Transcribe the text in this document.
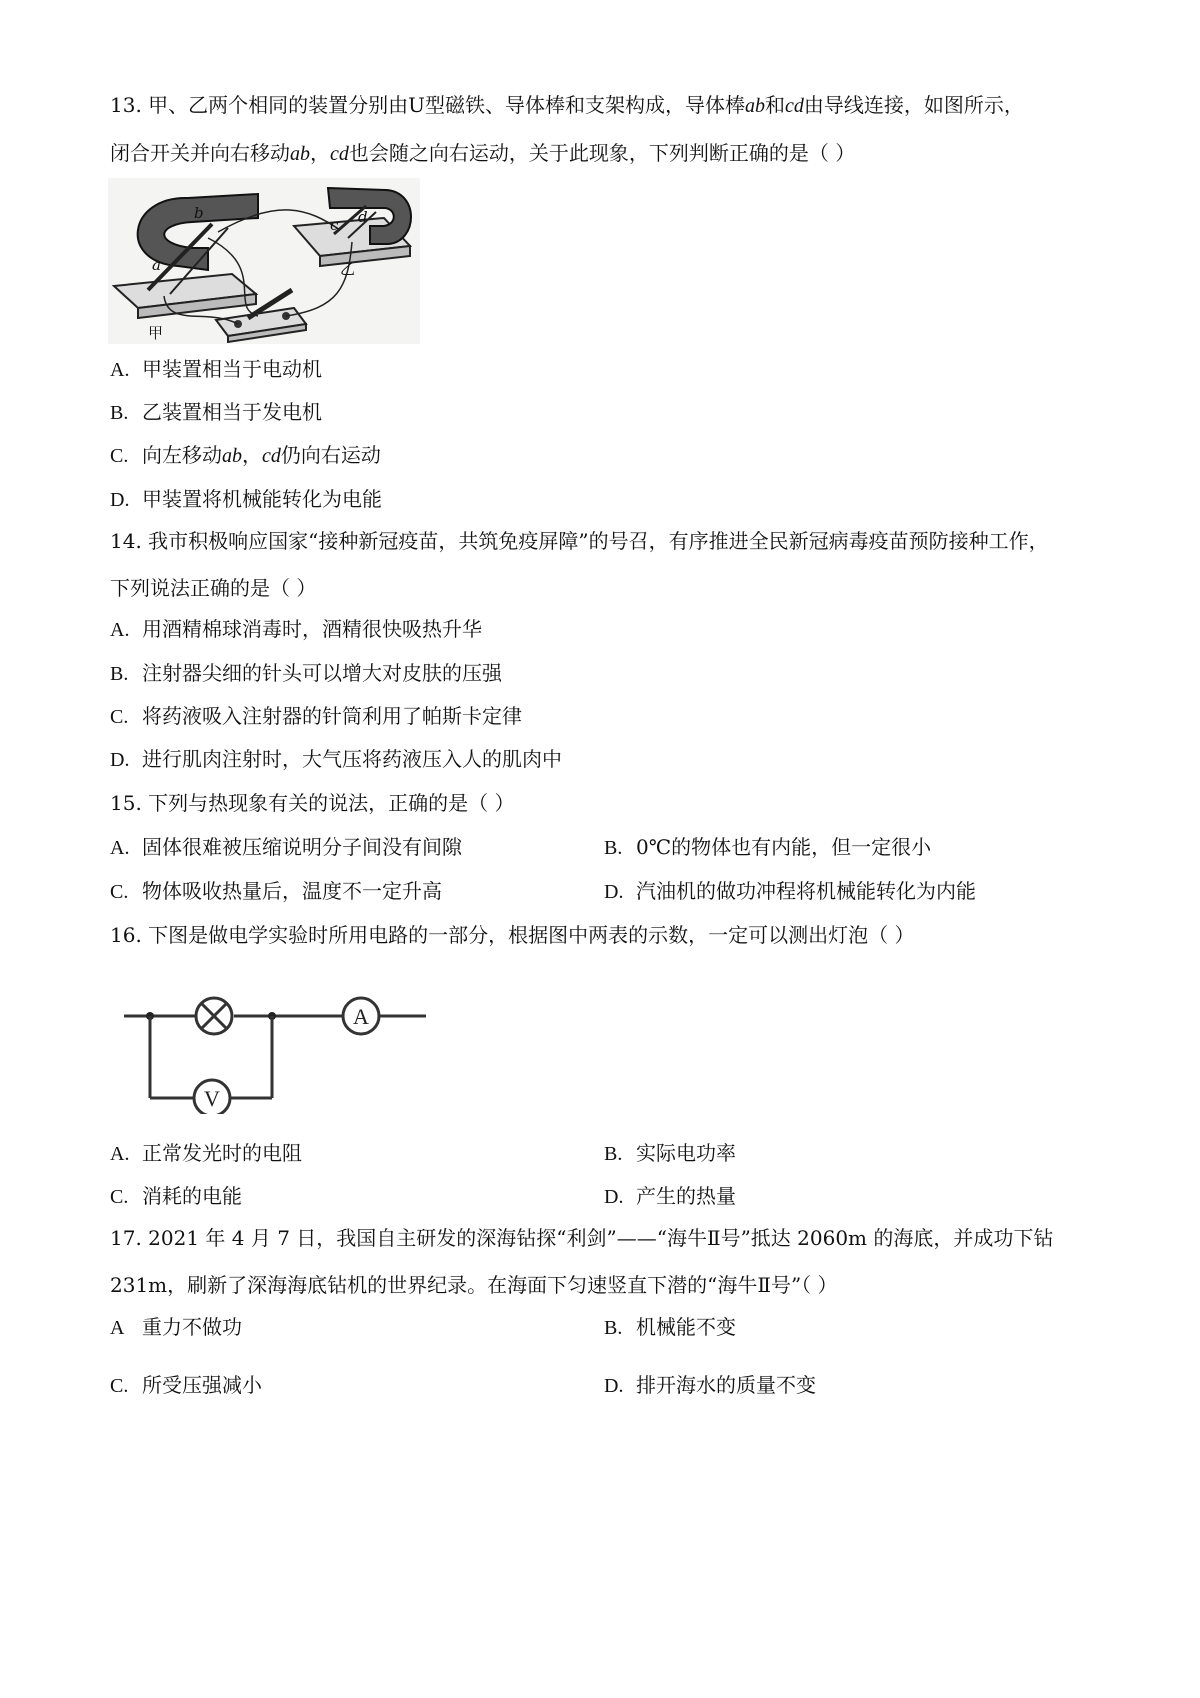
13. 甲、乙两个相同的装置分别由U型磁铁、导体棒和支架构成，导体棒ab和cd由导线连接，如图所示，
闭合开关并向右移动ab，cd也会随之向右运动，关于此现象，下列判断正确的是（ ）
b
a
c d
甲
乙
A. 甲装置相当于电动机
B. 乙装置相当于发电机
C. 向左移动ab，cd仍向右运动
D. 甲装置将机械能转化为电能
14. 我市积极响应国家“接种新冠疫苗，共筑免疫屏障”的号召，有序推进全民新冠病毒疫苗预防接种工作，
下列说法正确的是（ ）
A. 用酒精棉球消毒时，酒精很快吸热升华
B. 注射器尖细的针头可以增大对皮肤的压强
C. 将药液吸入注射器的针筒利用了帕斯卡定律
D. 进行肌肉注射时，大气压将药液压入人的肌肉中
15. 下列与热现象有关的说法，正确的是（ ）
A. 固体很难被压缩说明分子间没有间隙	B. 0℃的物体也有内能，但一定很小
C. 物体吸收热量后，温度不一定升高	D. 汽油机的做功冲程将机械能转化为内能
16. 下图是做电学实验时所用电路的一部分，根据图中两表的示数，一定可以测出灯泡（ ）
A
V
A. 正常发光时的电阻	B. 实际电功率
C. 消耗的电能	D. 产生的热量
17. 2021 年 4 月 7 日，我国自主研发的深海钻探“利剑”——“海牛Ⅱ号”抵达 2060m 的海底，并成功下钻
231m，刷新了深海海底钻机的世界纪录。在海面下匀速竖直下潜的“海牛Ⅱ号”（ ）
A 重力不做功	B. 机械能不变
C. 所受压强减小	D. 排开海水的质量不变
